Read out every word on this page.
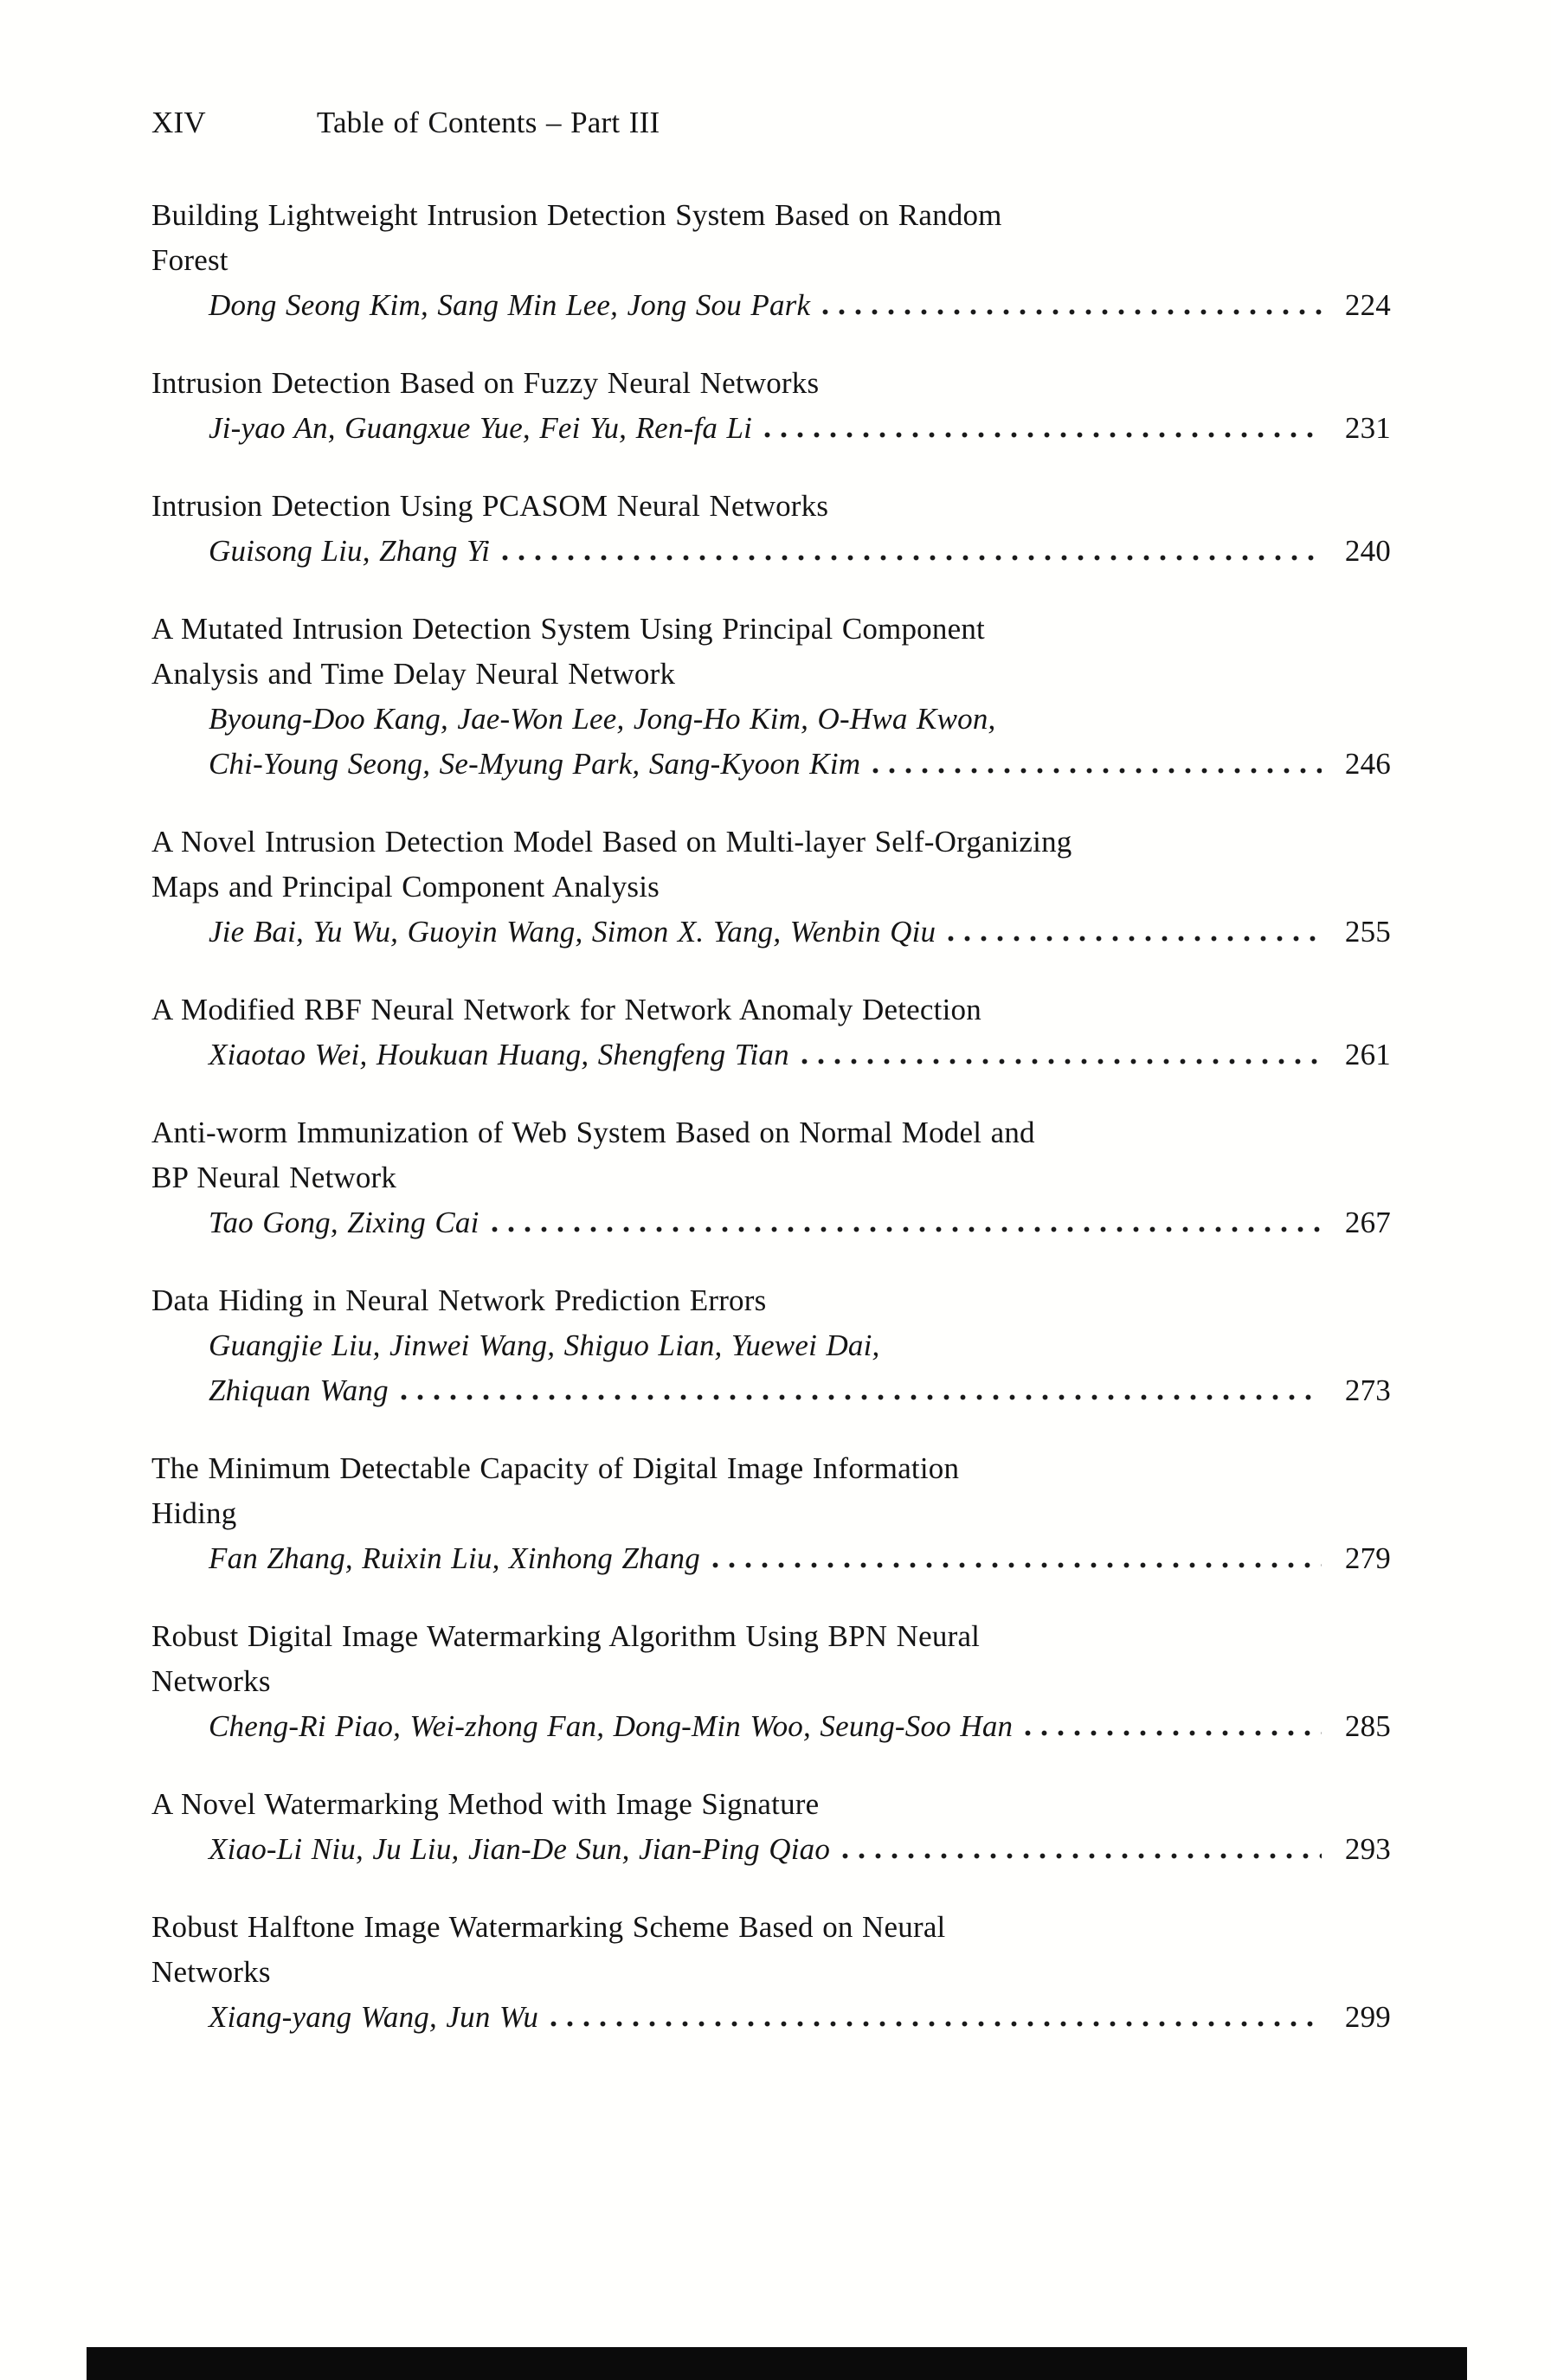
XIV	Table of Contents – Part III
Building Lightweight Intrusion Detection System Based on Random
Forest
Dong Seong Kim, Sang Min Lee, Jong Sou Park	224
Intrusion Detection Based on Fuzzy Neural Networks
Ji-yao An, Guangxue Yue, Fei Yu, Ren-fa Li	231
Intrusion Detection Using PCASOM Neural Networks
Guisong Liu, Zhang Yi	240
A Mutated Intrusion Detection System Using Principal Component
Analysis and Time Delay Neural Network
Byoung-Doo Kang, Jae-Won Lee, Jong-Ho Kim, O-Hwa Kwon,
Chi-Young Seong, Se-Myung Park, Sang-Kyoon Kim	246
A Novel Intrusion Detection Model Based on Multi-layer Self-Organizing
Maps and Principal Component Analysis
Jie Bai, Yu Wu, Guoyin Wang, Simon X. Yang, Wenbin Qiu	255
A Modified RBF Neural Network for Network Anomaly Detection
Xiaotao Wei, Houkuan Huang, Shengfeng Tian	261
Anti-worm Immunization of Web System Based on Normal Model and
BP Neural Network
Tao Gong, Zixing Cai	267
Data Hiding in Neural Network Prediction Errors
Guangjie Liu, Jinwei Wang, Shiguo Lian, Yuewei Dai,
Zhiquan Wang	273
The Minimum Detectable Capacity of Digital Image Information
Hiding
Fan Zhang, Ruixin Liu, Xinhong Zhang	279
Robust Digital Image Watermarking Algorithm Using BPN Neural
Networks
Cheng-Ri Piao, Wei-zhong Fan, Dong-Min Woo, Seung-Soo Han	285
A Novel Watermarking Method with Image Signature
Xiao-Li Niu, Ju Liu, Jian-De Sun, Jian-Ping Qiao	293
Robust Halftone Image Watermarking Scheme Based on Neural
Networks
Xiang-yang Wang, Jun Wu	299
